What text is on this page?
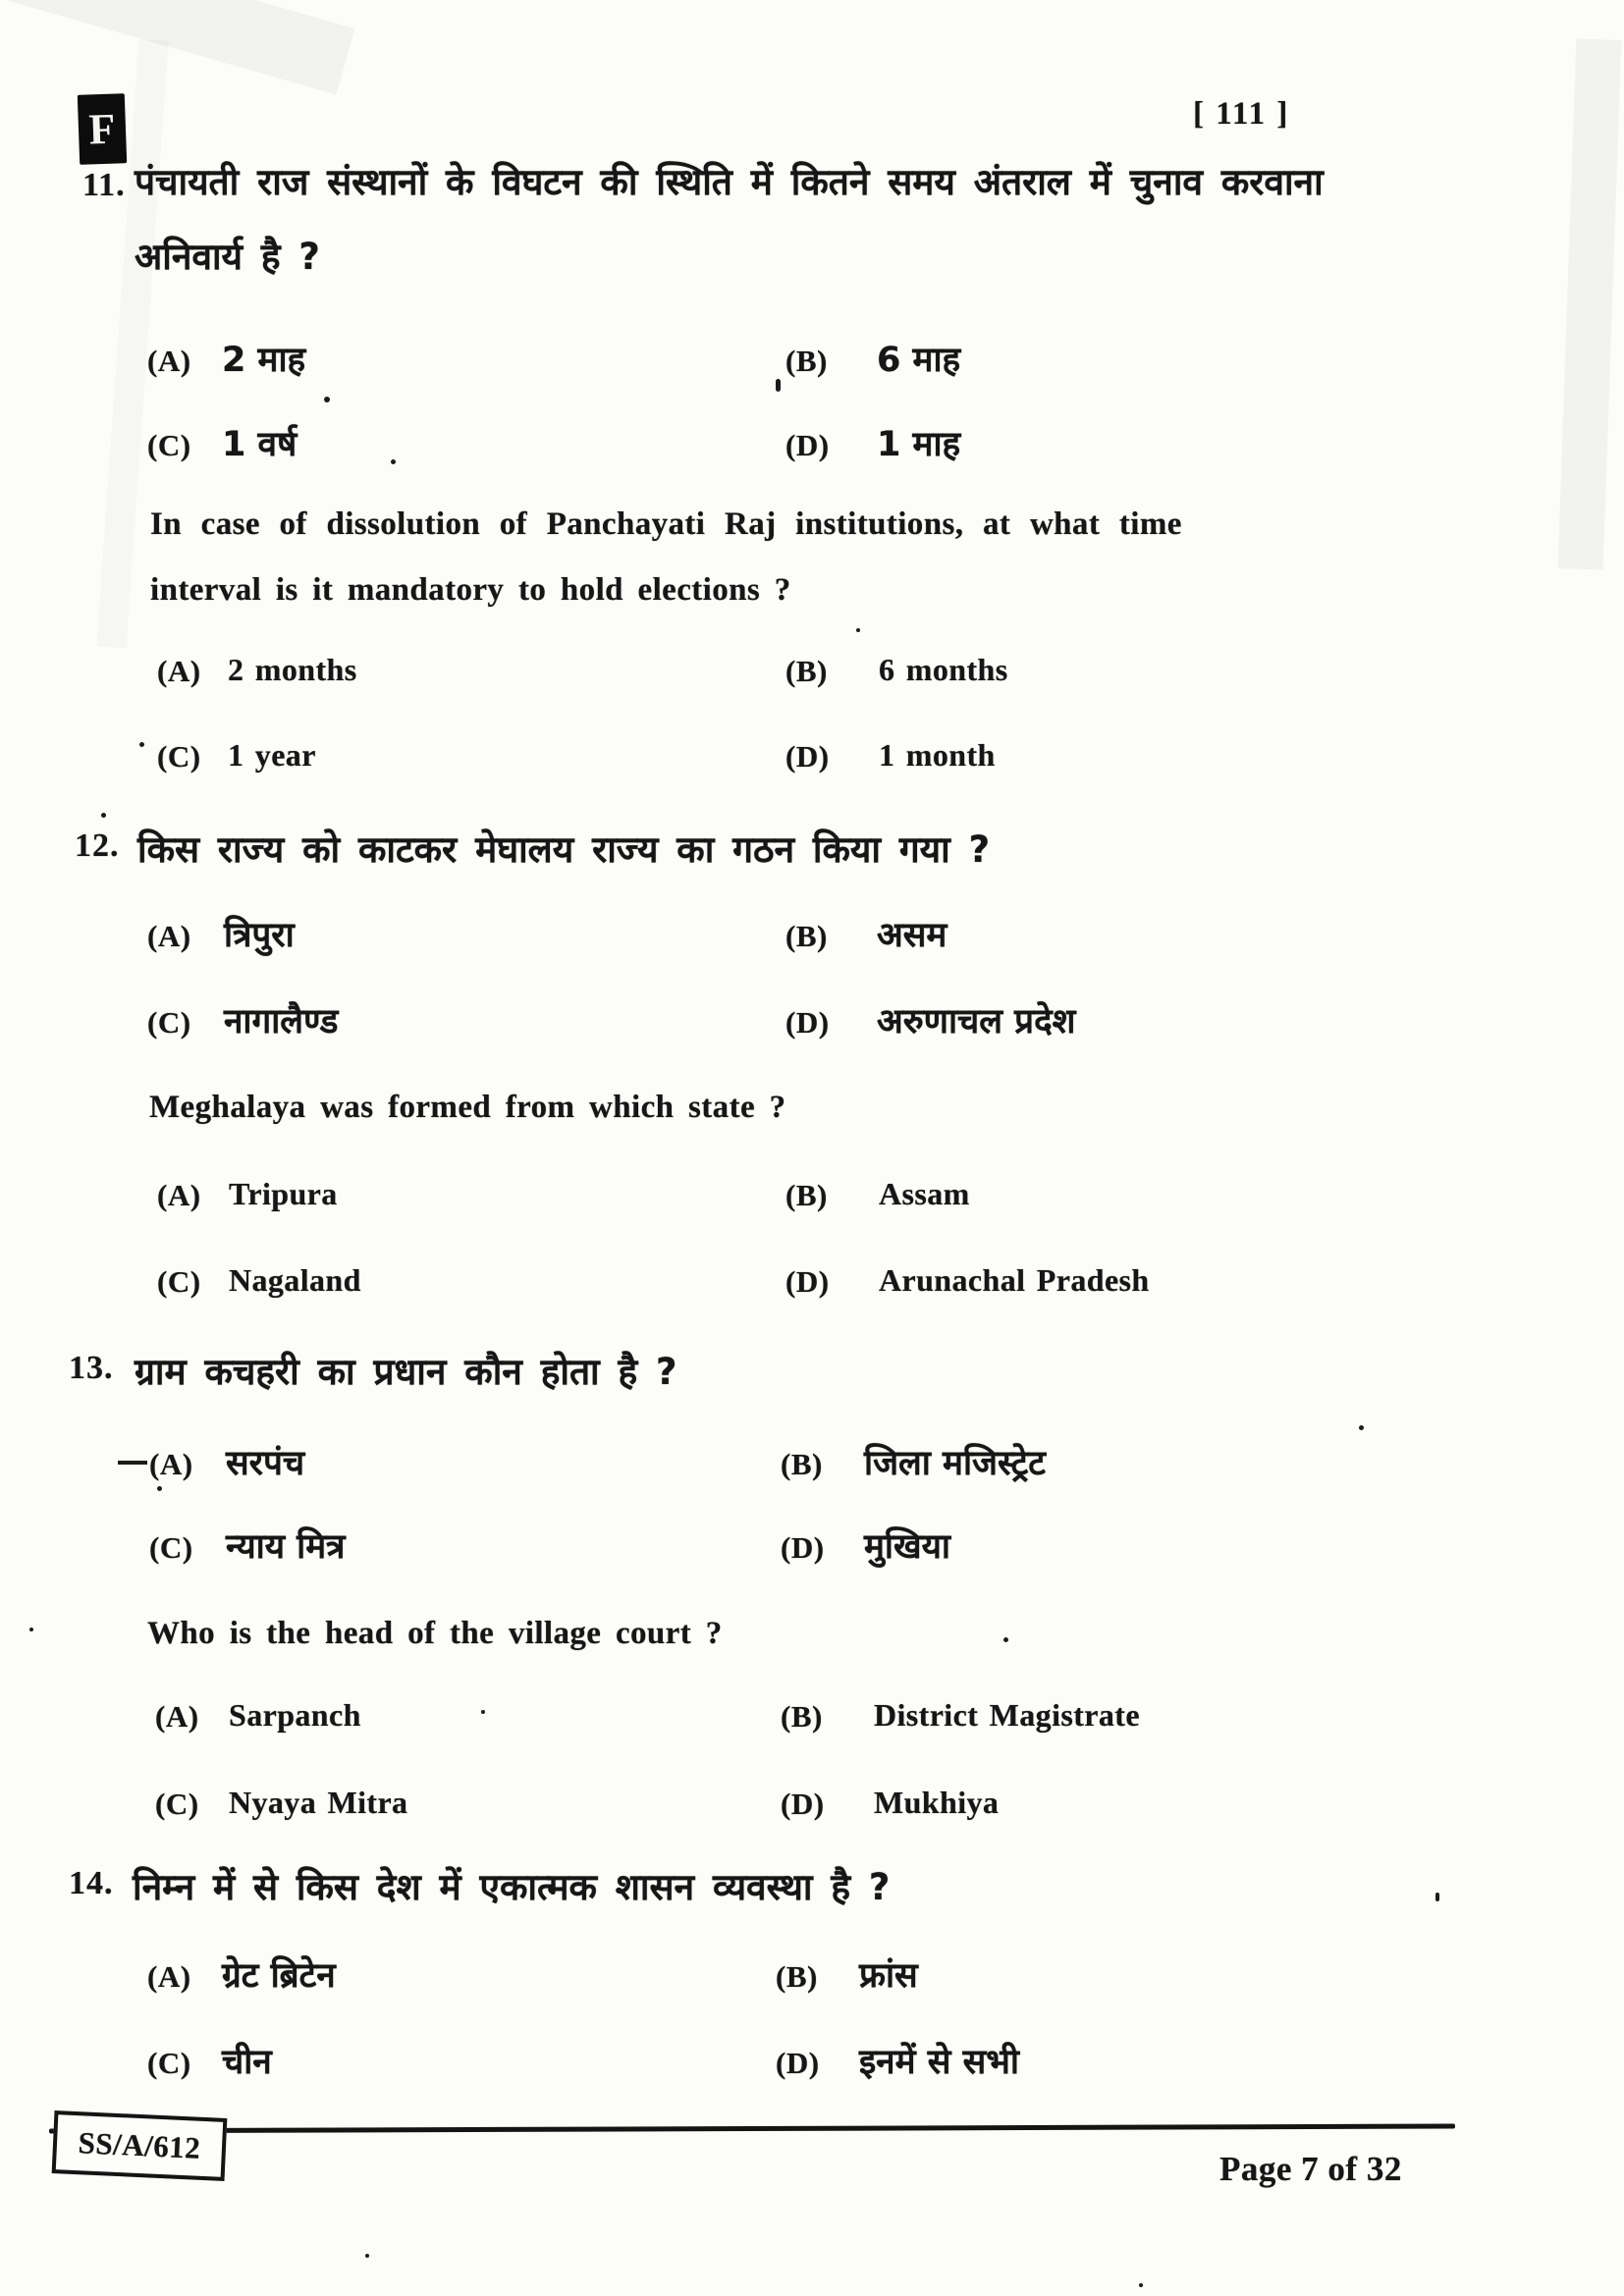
F	[ 111 ]
11. पंचायती राज संस्थानों के विघटन की स्थिति में कितने समय अंतराल में चुनाव करवाना
अनिवार्य है ?
(A) 2 माह	(B) 6 माह
(C) 1 वर्ष	(D) 1 माह
In case of dissolution of Panchayati Raj institutions, at what time
interval is it mandatory to hold elections ?
(A) 2 months	(B) 6 months
(C) 1 year	(D) 1 month
12. किस राज्य को काटकर मेघालय राज्य का गठन किया गया ?
(A) त्रिपुरा	(B) असम
(C) नागालैण्ड	(D) अरुणाचल प्रदेश
Meghalaya was formed from which state ?
(A) Tripura	(B) Assam
(C) Nagaland	(D) Arunachal Pradesh
13. ग्राम कचहरी का प्रधान कौन होता है ?
(A) सरपंच	(B) जिला मजिस्ट्रेट
(C) न्याय मित्र	(D) मुखिया
Who is the head of the village court ?
(A) Sarpanch	(B) District Magistrate
(C) Nyaya Mitra	(D) Mukhiya
14. निम्न में से किस देश में एकात्मक शासन व्यवस्था है ?
(A) ग्रेट ब्रिटेन	(B) फ्रांस
(C) चीन	(D) इनमें से सभी
SS/A/612
Page 7 of 32
